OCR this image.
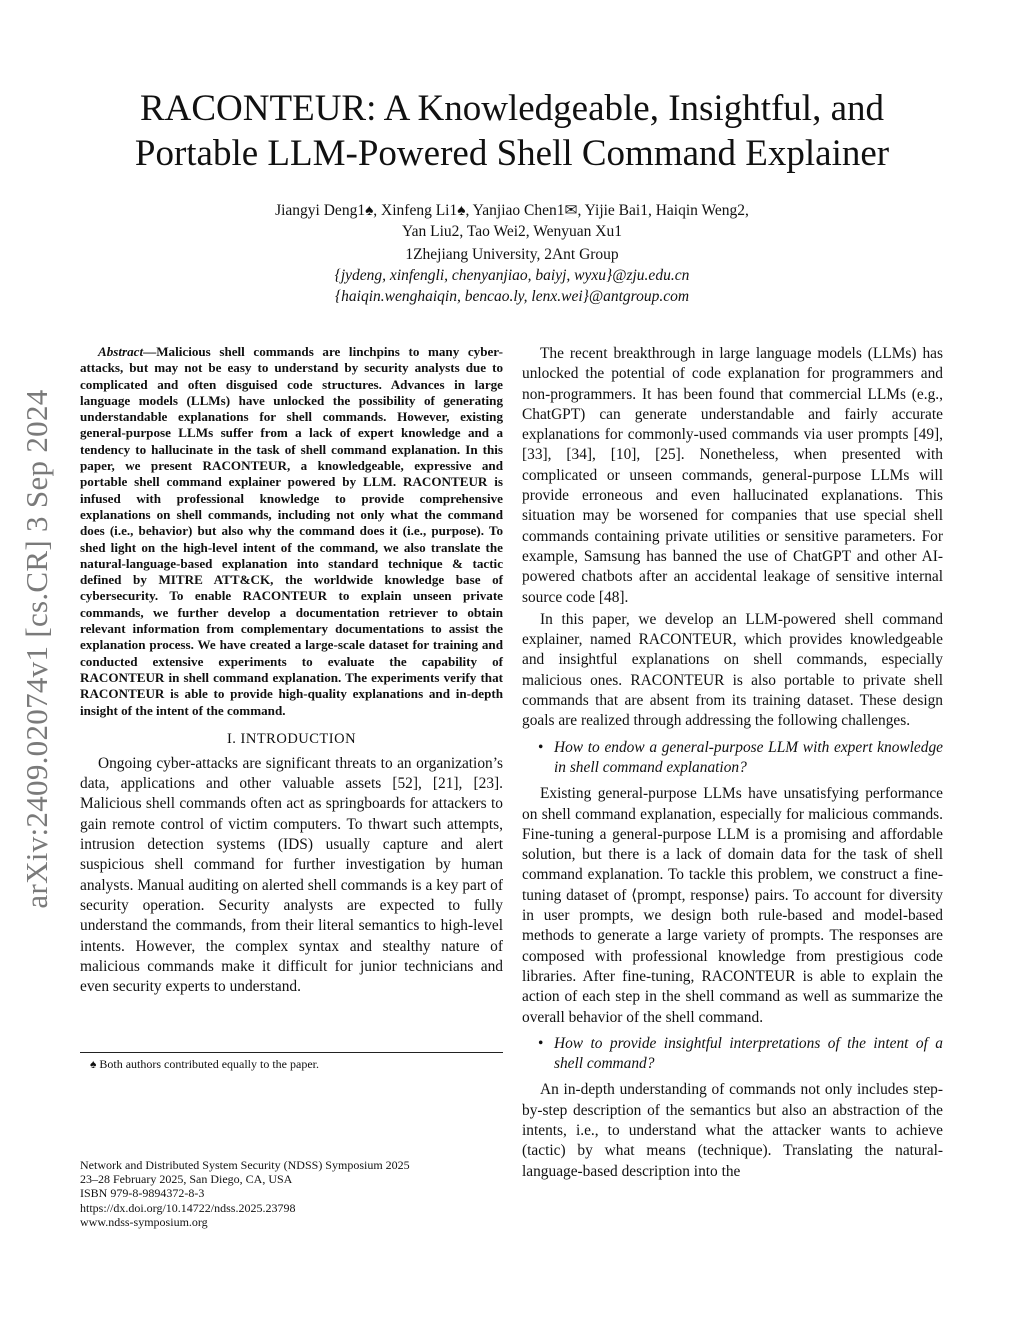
arXiv:2409.02074v1 [cs.CR] 3 Sep 2024
RACONTEUR: A Knowledgeable, Insightful, and
Portable LLM-Powered Shell Command Explainer
Jiangyi Deng1♠, Xinfeng Li1♠, Yanjiao Chen1✉, Yijie Bai1, Haiqin Weng2,
Yan Liu2, Tao Wei2, Wenyuan Xu1
1Zhejiang University, 2Ant Group
{jydeng, xinfengli, chenyanjiao, baiyj, wyxu}@zju.edu.cn
{haiqin.wenghaiqin, bencao.ly, lenx.wei}@antgroup.com

Abstract—Malicious shell commands are linchpins to many cyber-attacks, but may not be easy to understand by security analysts due to complicated and often disguised code structures. Advances in large language models (LLMs) have unlocked the possibility of generating understandable explanations for shell commands. However, existing general-purpose LLMs suffer from a lack of expert knowledge and a tendency to hallucinate in the task of shell command explanation. In this paper, we present RACONTEUR, a knowledgeable, expressive and portable shell command explainer powered by LLM. RACONTEUR is infused with professional knowledge to provide comprehensive explanations on shell commands, including not only what the command does (i.e., behavior) but also why the command does it (i.e., purpose). To shed light on the high-level intent of the command, we also translate the natural-language-based explanation into standard technique & tactic defined by MITRE ATT&CK, the worldwide knowledge base of cybersecurity. To enable RACONTEUR to explain unseen private commands, we further develop a documentation retriever to obtain relevant information from complementary documentations to assist the explanation process. We have created a large-scale dataset for training and conducted extensive experiments to evaluate the capability of RACONTEUR in shell command explanation. The experiments verify that RACONTEUR is able to provide high-quality explanations and in-depth insight of the intent of the command.

I. INTRODUCTION

Ongoing cyber-attacks are significant threats to an organization’s data, applications and other valuable assets [52], [21], [23]. Malicious shell commands often act as springboards for attackers to gain remote control of victim computers. To thwart such attempts, intrusion detection systems (IDS) usually capture and alert suspicious shell command for further investigation by human analysts. Manual auditing on alerted shell commands is a key part of security operation. Security analysts are expected to fully understand the commands, from their literal semantics to high-level intents. However, the complex syntax and stealthy nature of malicious commands make it difficult for junior technicians and even security experts to understand.

♠ Both authors contributed equally to the paper.
Network and Distributed System Security (NDSS) Symposium 2025
23–28 February 2025, San Diego, CA, USA
ISBN 979-8-9894372-8-3
https://dx.doi.org/10.14722/ndss.2025.23798
www.ndss-symposium.org

The recent breakthrough in large language models (LLMs) has unlocked the potential of code explanation for programmers and non-programmers. It has been found that commercial LLMs (e.g., ChatGPT) can generate understandable and fairly accurate explanations for commonly-used commands via user prompts [49], [33], [34], [10], [25]. Nonetheless, when presented with complicated or unseen commands, general-purpose LLMs will provide erroneous and even hallucinated explanations. This situation may be worsened for companies that use special shell commands containing private utilities or sensitive parameters. For example, Samsung has banned the use of ChatGPT and other AI-powered chatbots after an accidental leakage of sensitive internal source code [48].

In this paper, we develop an LLM-powered shell command explainer, named RACONTEUR, which provides knowledgeable and insightful explanations on shell commands, especially malicious ones. RACONTEUR is also portable to private shell commands that are absent from its training dataset. These design goals are realized through addressing the following challenges.

• How to endow a general-purpose LLM with expert knowledge in shell command explanation?

Existing general-purpose LLMs have unsatisfying performance on shell command explanation, especially for malicious commands. Fine-tuning a general-purpose LLM is a promising and affordable solution, but there is a lack of domain data for the task of shell command explanation. To tackle this problem, we construct a fine-tuning dataset of ⟨prompt, response⟩ pairs. To account for diversity in user prompts, we design both rule-based and model-based methods to generate a large variety of prompts. The responses are composed with professional knowledge from prestigious code libraries. After fine-tuning, RACONTEUR is able to explain the action of each step in the shell command as well as summarize the overall behavior of the shell command.

• How to provide insightful interpretations of the intent of a shell command?

An in-depth understanding of commands not only includes step-by-step description of the semantics but also an abstraction of the intents, i.e., to understand what the attacker wants to achieve (tactic) by what means (technique). Translating the natural-language-based description into the
